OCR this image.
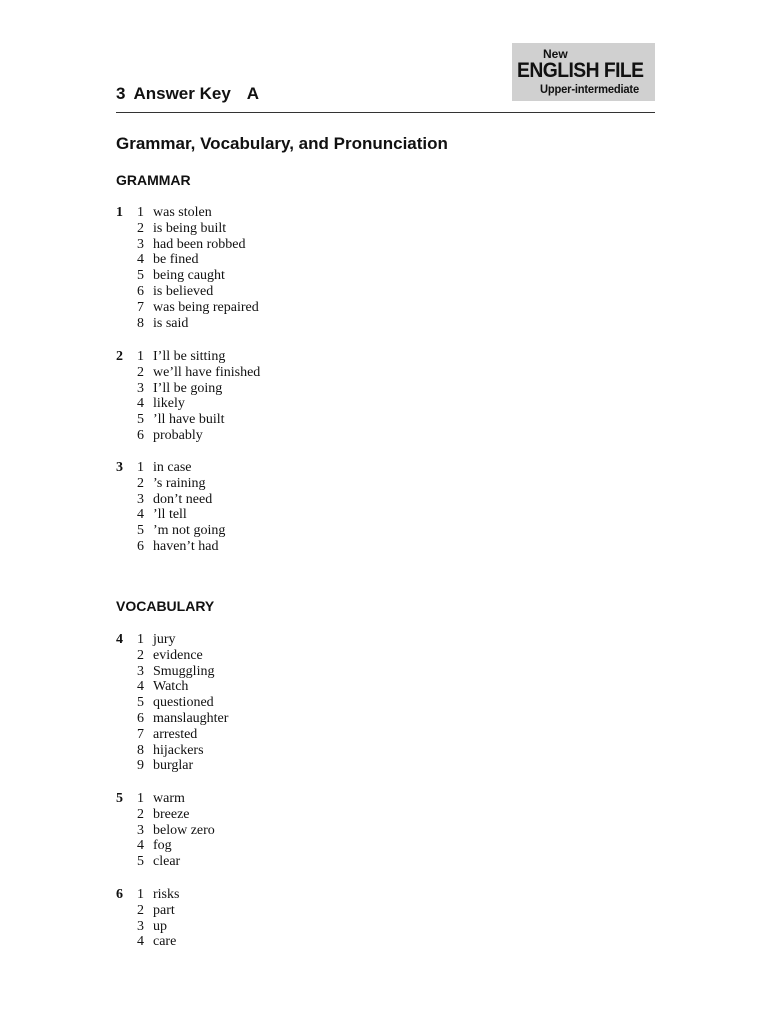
New
ENGLISH FILE
Upper-intermediate
3 Answer Key A
Grammar, Vocabulary, and Pronunciation
GRAMMAR
1 1 was stolen
2 is being built
3 had been robbed
4 be fined
5 being caught
6 is believed
7 was being repaired
8 is said
2 1 I’ll be sitting
2 we’ll have finished
3 I’ll be going
4 likely
5 ’ll have built
6 probably
3 1 in case
2 ’s raining
3 don’t need
4 ’ll tell
5 ’m not going
6 haven’t had
VOCABULARY
4 1 jury
2 evidence
3 Smuggling
4 Watch
5 questioned
6 manslaughter
7 arrested
8 hijackers
9 burglar
5 1 warm
2 breeze
3 below zero
4 fog
5 clear
6 1 risks
2 part
3 up
4 care
